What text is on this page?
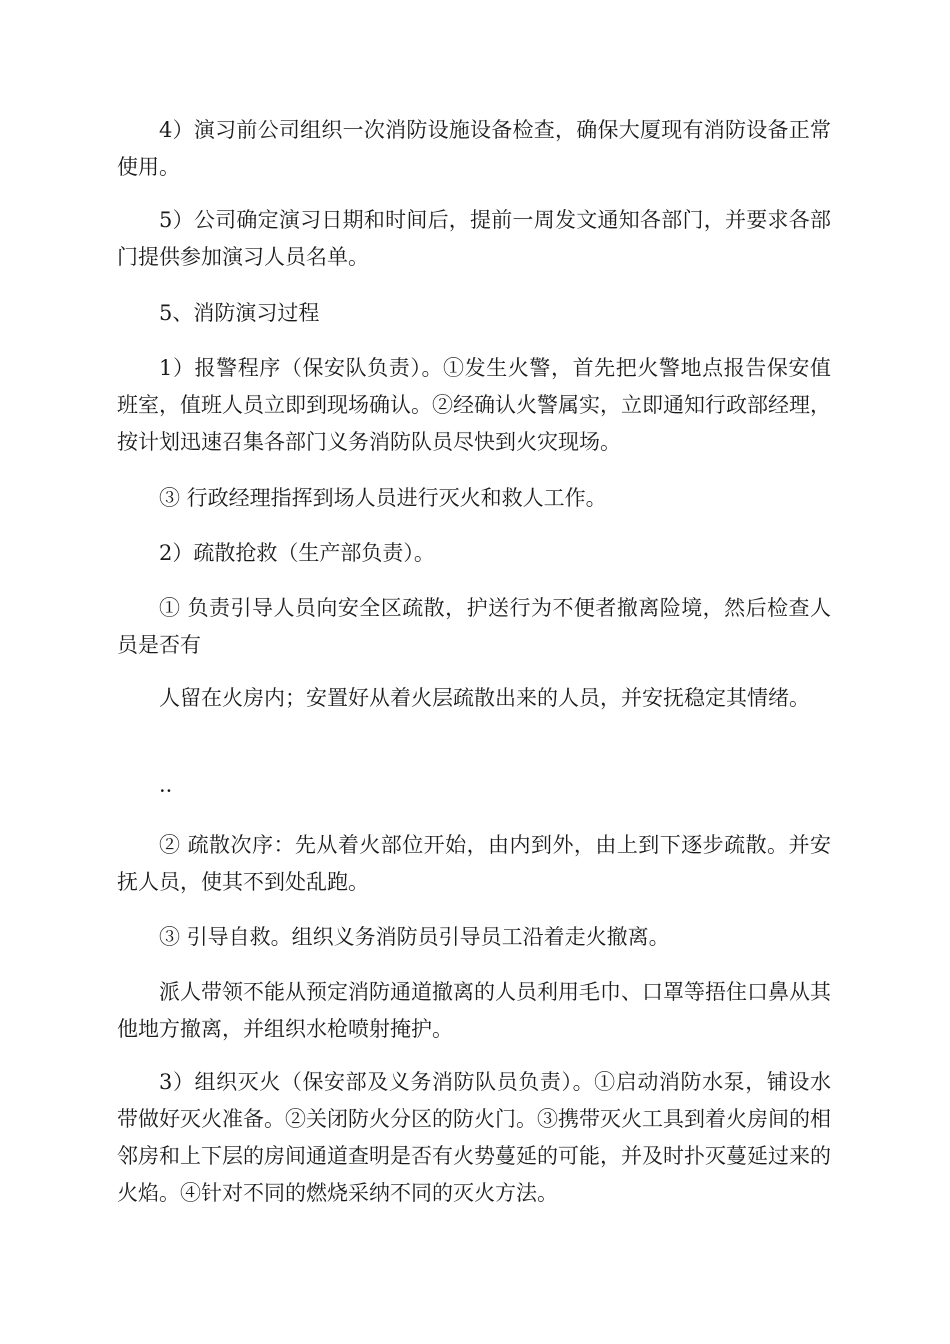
4）演习前公司组织一次消防设施设备检查，确保大厦现有消防设备正常使用。

5）公司确定演习日期和时间后，提前一周发文通知各部门，并要求各部门提供参加演习人员名单。

5、消防演习过程

1）报警程序（保安队负责）。①发生火警，首先把火警地点报告保安值班室，值班人员立即到现场确认。②经确认火警属实，立即通知行政部经理，按计划迅速召集各部门义务消防队员尽快到火灾现场。

③ 行政经理指挥到场人员进行灭火和救人工作。

2）疏散抢救（生产部负责）。

① 负责引导人员向安全区疏散，护送行为不便者撤离险境，然后检查人员是否有

人留在火房内；安置好从着火层疏散出来的人员，并安抚稳定其情绪。

··

② 疏散次序：先从着火部位开始，由内到外，由上到下逐步疏散。并安抚人员，使其不到处乱跑。

③ 引导自救。组织义务消防员引导员工沿着走火撤离。

派人带领不能从预定消防通道撤离的人员利用毛巾、口罩等捂住口鼻从其他地方撤离，并组织水枪喷射掩护。

3）组织灭火（保安部及义务消防队员负责）。①启动消防水泵，铺设水带做好灭火准备。②关闭防火分区的防火门。③携带灭火工具到着火房间的相邻房和上下层的房间通道查明是否有火势蔓延的可能，并及时扑灭蔓延过来的火焰。④针对不同的燃烧采纳不同的灭火方法。
